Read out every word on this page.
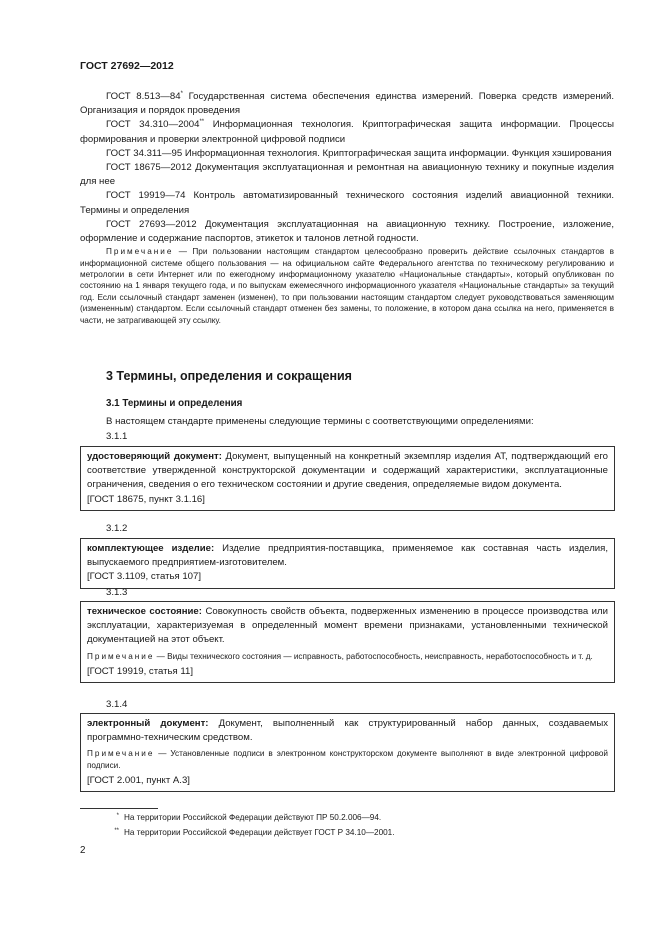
ГОСТ 27692—2012

ГОСТ 8.513—84* Государственная система обеспечения единства измерений. Поверка средств измерений. Организация и порядок проведения

ГОСТ 34.310—2004** Информационная технология. Криптографическая защита информации. Процессы формирования и проверки электронной цифровой подписи

ГОСТ 34.311—95 Информационная технология. Криптографическая защита информации. Функция хэширования

ГОСТ 18675—2012 Документация эксплуатационная и ремонтная на авиационную технику и покупные изделия для нее

ГОСТ 19919—74 Контроль автоматизированный технического состояния изделий авиационной техники. Термины и определения

ГОСТ 27693—2012 Документация эксплуатационная на авиационную технику. Построение, изложение, оформление и содержание паспортов, этикеток и талонов летной годности.

Примечание — При пользовании настоящим стандартом целесообразно проверить действие ссылочных стандартов в информационной системе общего пользования — на официальном сайте Федерального агентства по техническому регулированию и метрологии в сети Интернет или по ежегодному информационному указателю «Национальные стандарты», который опубликован по состоянию на 1 января текущего года, и по выпускам ежемесячного информационного указателя «Национальные стандарты» за текущий год. Если ссылочный стандарт заменен (изменен), то при пользовании настоящим стандартом следует руководствоваться заменяющим (измененным) стандартом. Если ссылочный стандарт отменен без замены, то положение, в котором дана ссылка на него, применяется в части, не затрагивающей эту ссылку.

3 Термины, определения и сокращения
3.1 Термины и определения
В настоящем стандарте применены следующие термины с соответствующими определениями:
3.1.1

удостоверяющий документ: Документ, выпущенный на конкретный экземпляр изделия АТ, подтверждающий его соответствие утвержденной конструкторской документации и содержащий характеристики, эксплуатационные ограничения, сведения о его техническом состоянии и другие сведения, определяемые видом документа.

[ГОСТ 18675, пункт 3.1.16]

3.1.2

комплектующее изделие: Изделие предприятия-поставщика, применяемое как составная часть изделия, выпускаемого предприятием-изготовителем.

[ГОСТ 3.1109, статья 107]

3.1.3

техническое состояние: Совокупность свойств объекта, подверженных изменению в процессе производства или эксплуатации, характеризуемая в определенный момент времени признаками, установленными технической документацией на этот объект.

Примечание — Виды технического состояния — исправность, работоспособность, неисправность, неработоспособность и т. д.

[ГОСТ 19919, статья 11]

3.1.4

электронный документ: Документ, выполненный как структурированный набор данных, создаваемых программно-техническим средством.

Примечание — Установленные подписи в электронном конструкторском документе выполняют в виде электронной цифровой подписи.

[ГОСТ 2.001, пункт А.3]

* На территории Российской Федерации действуют ПР 50.2.006—94.
** На территории Российской Федерации действует ГОСТ Р 34.10—2001.
2
